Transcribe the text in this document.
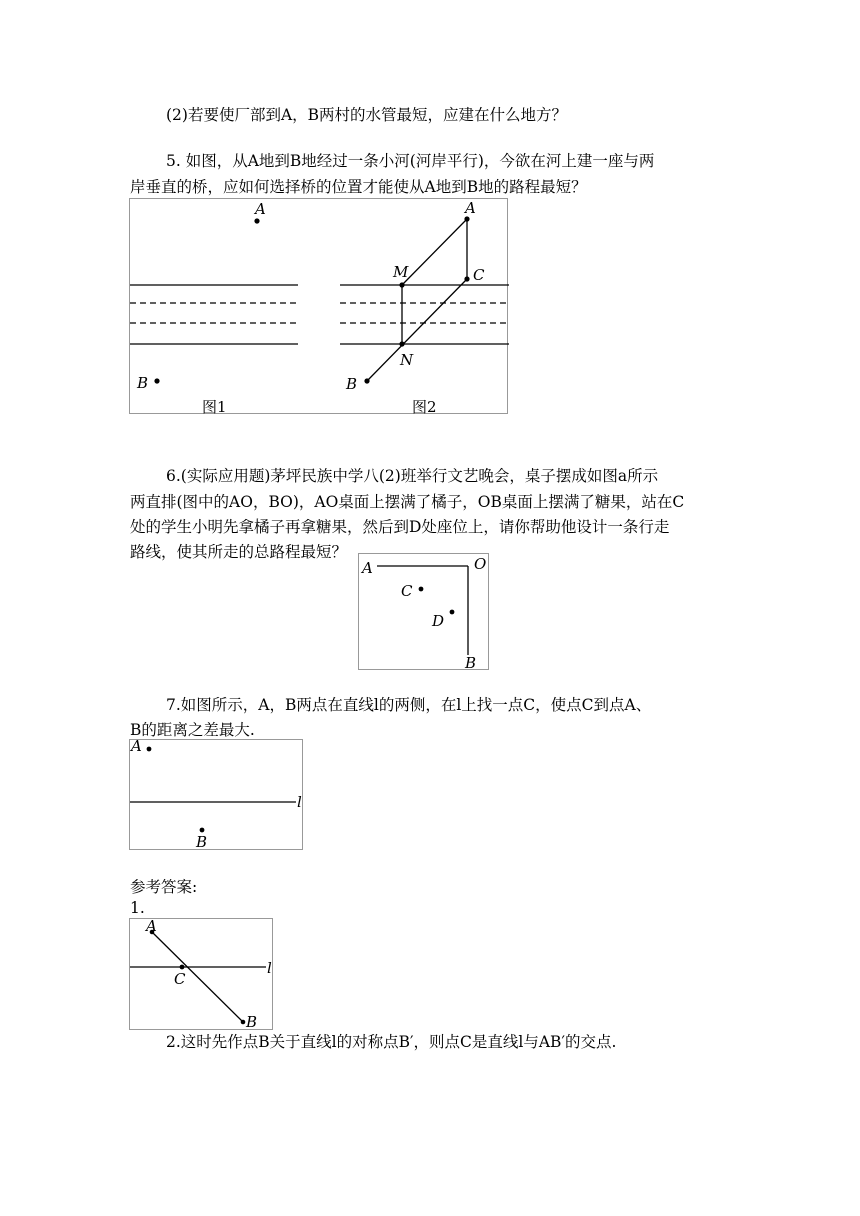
(2)若要使厂部到A，B两村的水管最短，应建在什么地方？
5. 如图，从A地到B地经过一条小河(河岸平行)，今欲在河上建一座与两
岸垂直的桥，应如何选择桥的位置才能使从A地到B地的路程最短？
A
B
图1
A
M	C
N
B
图2
6.(实际应用题)茅坪民族中学八(2)班举行文艺晚会，桌子摆成如图a所示
两直排(图中的AO，BO)，AO桌面上摆满了橘子，OB桌面上摆满了糖果，站在C
处的学生小明先拿橘子再拿糖果，然后到D处座位上，请你帮助他设计一条行走
路线，使其所走的总路程最短？
A	O
C
D
B
7.如图所示，A，B两点在直线l的两侧，在l上找一点C，使点C到点A、
B的距离之差最大.
l
A
B
参考答案:
1.
l
A
C
B
2.这时先作点B关于直线l的对称点B′，则点C是直线l与AB′的交点.
